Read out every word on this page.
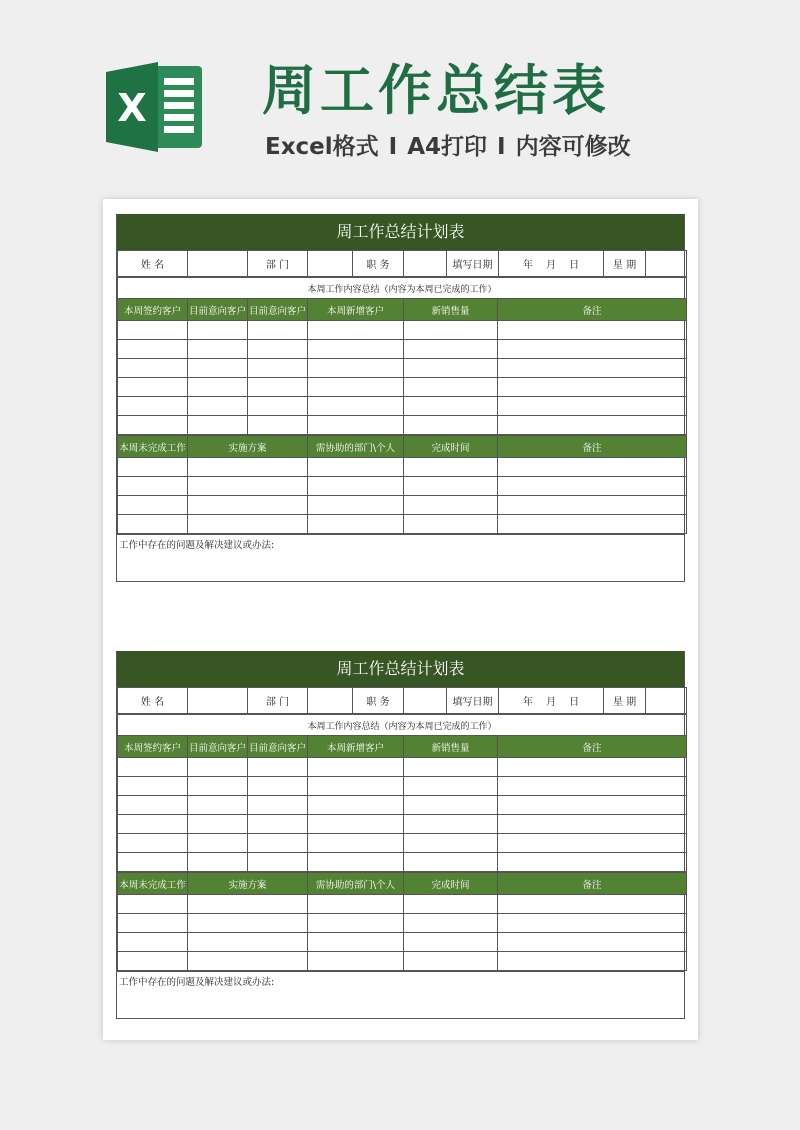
X 周工作总结表
Excel格式 I A4打印 I 内容可修改
周工作总结计划表
姓 名		部 门		职 务		填写日期	年　 月　 日	星 期	
本周工作内容总结（内容为本周已完成的工作）					
本周签约客户	目前意向客户	目前意向客户	本周新增客户	新销售量	备注

本周未完成工作	实施方案	需协助的部门\个人	完成时间	备注

工作中存在的问题及解决建议或办法:
周工作总结计划表
姓 名		部 门		职 务		填写日期	年　 月　 日	星 期	
本周工作内容总结（内容为本周已完成的工作）					
本周签约客户	目前意向客户	目前意向客户	本周新增客户	新销售量	备注

本周未完成工作	实施方案	需协助的部门\个人	完成时间	备注

工作中存在的问题及解决建议或办法:
